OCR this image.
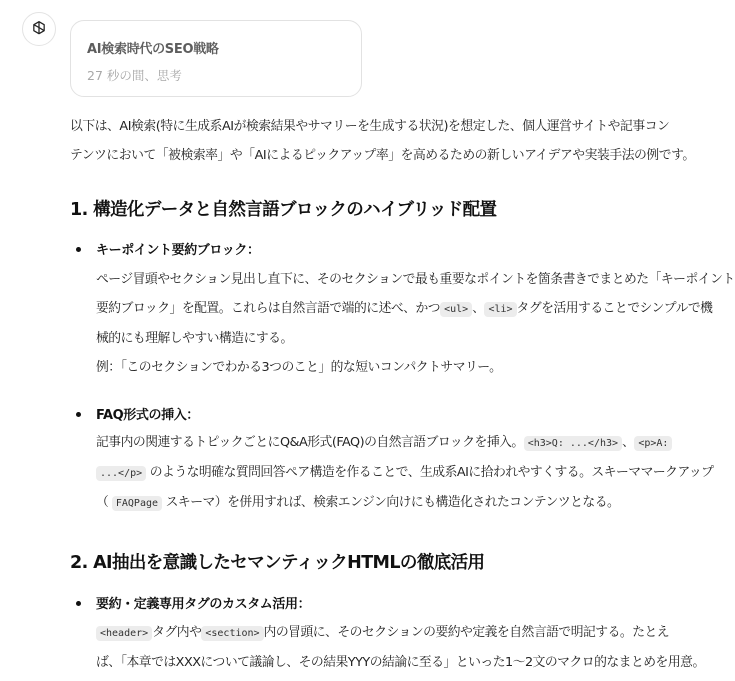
AI検索時代のSEO戦略
27 秒の間、思考
以下は、AI検索(特に生成系AIが検索結果やサマリーを生成する状況)を想定した、個人運営サイトや記事コン
テンツにおいて「被検索率」や「AIによるピックアップ率」を高めるための新しいアイデアや実装手法の例です。
1. 構造化データと自然言語ブロックのハイブリッド配置
キーポイント要約ブロック：
ページ冒頭やセクション見出し直下に、そのセクションで最も重要なポイントを箇条書きでまとめた「キーポイント
要約ブロック」を配置。これらは自然言語で端的に述べ、かつ <ul> 、 <li> タグを活用することでシンプルで機
械的にも理解しやすい構造にする。
例：「このセクションでわかる3つのこと」的な短いコンパクトサマリー。
FAQ形式の挿入：
記事内の関連するトピックごとにQ&A形式(FAQ)の自然言語ブロックを挿入。 <h3>Q: ...</h3> 、 <p>A:
...</p> のような明確な質問回答ペア構造を作ることで、生成系AIに拾われやすくする。スキーママークアップ
（ FAQPage スキーマ）を併用すれば、検索エンジン向けにも構造化されたコンテンツとなる。
2. AI抽出を意識したセマンティックHTMLの徹底活用
要約・定義専用タグのカスタム活用：
<header> タグ内や <section> 内の冒頭に、そのセクションの要約や定義を自然言語で明記する。たとえ
ば、「本章ではXXXについて議論し、その結果YYYの結論に至る」といった1〜2文のマクロ的なまとめを用意。
